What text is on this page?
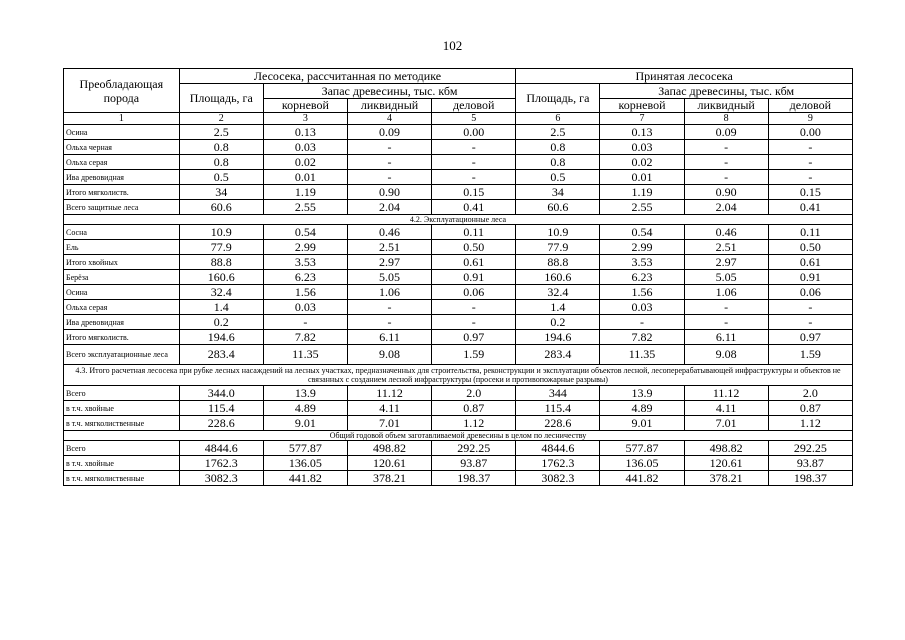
102
Преобладающая порода	Лесосека, рассчитанная по методике				Принятая лесосека			
	Площадь, га	Запас древесины, тыс. кбм			Площадь, га	Запас древесины, тыс. кбм		
		корневой	ликвидный	деловой		корневой	ликвидный	деловой
1	2	3	4	5	6	7	8	9
Осина	2.5	0.13	0.09	0.00	2.5	0.13	0.09	0.00
Ольха черная	0.8	0.03	-	-	0.8	0.03	-	-
Ольха серая	0.8	0.02	-	-	0.8	0.02	-	-
Ива древовидная	0.5	0.01	-	-	0.5	0.01	-	-
Итого мягколиств.	34	1.19	0.90	0.15	34	1.19	0.90	0.15
Всего защитные леса	60.6	2.55	2.04	0.41	60.6	2.55	2.04	0.41
4.2. Эксплуатационные леса								
Сосна	10.9	0.54	0.46	0.11	10.9	0.54	0.46	0.11
Ель	77.9	2.99	2.51	0.50	77.9	2.99	2.51	0.50
Итого хвойных	88.8	3.53	2.97	0.61	88.8	3.53	2.97	0.61
Берёза	160.6	6.23	5.05	0.91	160.6	6.23	5.05	0.91
Осина	32.4	1.56	1.06	0.06	32.4	1.56	1.06	0.06
Ольха серая	1.4	0.03	-	-	1.4	0.03	-	-
Ива древовидная	0.2	-	-	-	0.2	-	-	-
Итого мягколиств.	194.6	7.82	6.11	0.97	194.6	7.82	6.11	0.97
Всего эксплуатационные леса	283.4	11.35	9.08	1.59	283.4	11.35	9.08	1.59
4.3. Итого расчетная лесосека при рубке лесных насаждений на лесных участках, предназначенных для строительства, реконструкции и эксплуатации объектов лесной, лесоперерабатывающей инфраструктуры и объектов не связанных с созданием лесной инфраструктуры (просеки и противопожарные разрывы)								
Всего	344.0	13.9	11.12	2.0	344	13.9	11.12	2.0
в т.ч. хвойные	115.4	4.89	4.11	0.87	115.4	4.89	4.11	0.87
в т.ч. мягколиственные	228.6	9.01	7.01	1.12	228.6	9.01	7.01	1.12
Общий годовой объем заготавливаемой древесины в целом по лесничеству								
Всего	4844.6	577.87	498.82	292.25	4844.6	577.87	498.82	292.25
в т.ч. хвойные	1762.3	136.05	120.61	93.87	1762.3	136.05	120.61	93.87
в т.ч. мягколиственные	3082.3	441.82	378.21	198.37	3082.3	441.82	378.21	198.37
